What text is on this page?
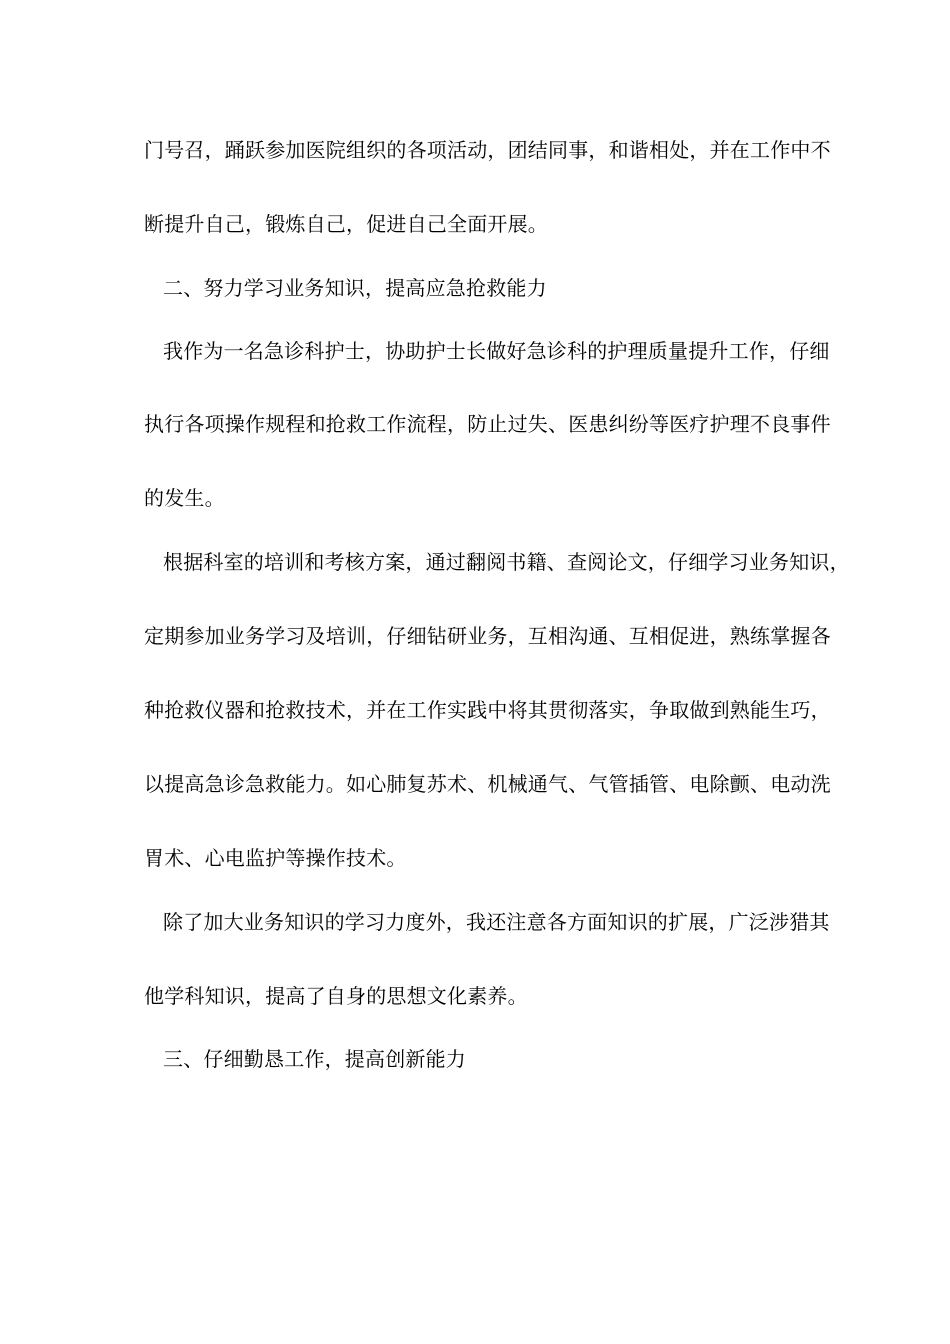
门号召，踊跃参加医院组织的各项活动，团结同事，和谐相处，并在工作中不
断提升自己，锻炼自己，促进自己全面开展。
二、努力学习业务知识，提高应急抢救能力
我作为一名急诊科护士，协助护士长做好急诊科的护理质量提升工作，仔细
执行各项操作规程和抢救工作流程，防止过失、医患纠纷等医疗护理不良事件
的发生。
根据科室的培训和考核方案，通过翻阅书籍、查阅论文，仔细学习业务知识，
定期参加业务学习及培训，仔细钻研业务，互相沟通、互相促进，熟练掌握各
种抢救仪器和抢救技术，并在工作实践中将其贯彻落实，争取做到熟能生巧，
以提高急诊急救能力。如心肺复苏术、机械通气、气管插管、电除颤、电动洗
胃术、心电监护等操作技术。
除了加大业务知识的学习力度外，我还注意各方面知识的扩展，广泛涉猎其
他学科知识，提高了自身的思想文化素养。
三、仔细勤恳工作，提高创新能力
